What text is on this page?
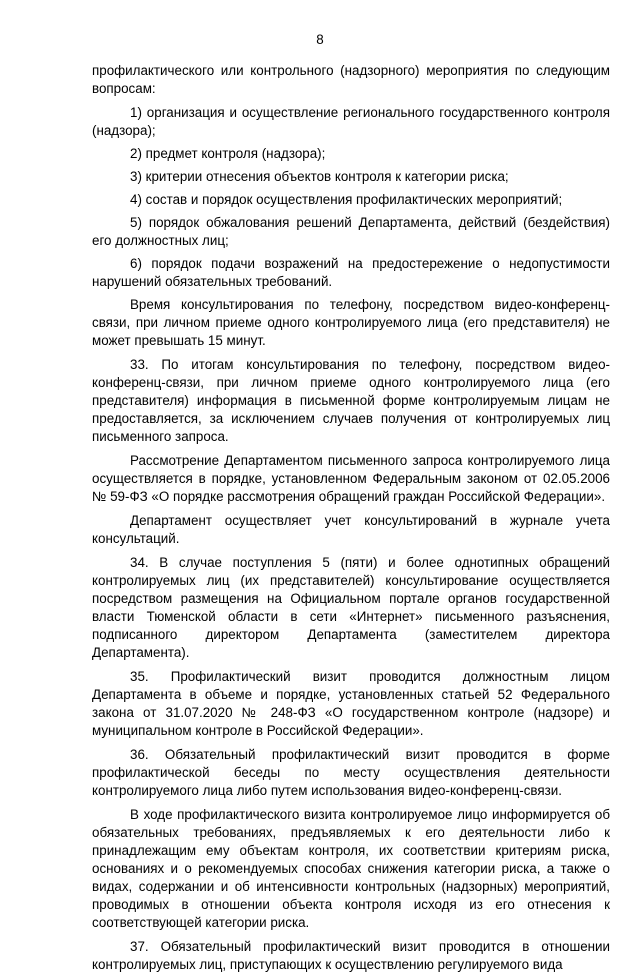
8

профилактического или контрольного (надзорного) мероприятия по следующим вопросам:

1) организация и осуществление регионального государственного контроля (надзора);

2) предмет контроля (надзора);

3) критерии отнесения объектов контроля к категории риска;

4) состав и порядок осуществления профилактических мероприятий;

5) порядок обжалования решений Департамента, действий (бездействия) его должностных лиц;

6) порядок подачи возражений на предостережение о недопустимости нарушений обязательных требований.

Время консультирования по телефону, посредством видео-конференц-связи, при личном приеме одного контролируемого лица (его представителя) не может превышать 15 минут.

33. По итогам консультирования по телефону, посредством видео-конференц-связи, при личном приеме одного контролируемого лица (его представителя) информация в письменной форме контролируемым лицам не предоставляется, за исключением случаев получения от контролируемых лиц письменного запроса.

Рассмотрение Департаментом письменного запроса контролируемого лица осуществляется в порядке, установленном Федеральным законом от 02.05.2006 № 59-ФЗ «О порядке рассмотрения обращений граждан Российской Федерации».

Департамент осуществляет учет консультирований в журнале учета консультаций.

34. В случае поступления 5 (пяти) и более однотипных обращений контролируемых лиц (их представителей) консультирование осуществляется посредством размещения на Официальном портале органов государственной власти Тюменской области в сети «Интернет» письменного разъяснения, подписанного директором Департамента (заместителем директора Департамента).

35. Профилактический визит проводится должностным лицом Департамента в объеме и порядке, установленных статьей 52 Федерального закона от 31.07.2020 № 248-ФЗ «О государственном контроле (надзоре) и муниципальном контроле в Российской Федерации».

36. Обязательный профилактический визит проводится в форме профилактической беседы по месту осуществления деятельности контролируемого лица либо путем использования видео-конференц-связи.

В ходе профилактического визита контролируемое лицо информируется об обязательных требованиях, предъявляемых к его деятельности либо к принадлежащим ему объектам контроля, их соответствии критериям риска, основаниях и о рекомендуемых способах снижения категории риска, а также о видах, содержании и об интенсивности контрольных (надзорных) мероприятий, проводимых в отношении объекта контроля исходя из его отнесения к соответствующей категории риска.

37. Обязательный профилактический визит проводится в отношении контролируемых лиц, приступающих к осуществлению регулируемого вида
